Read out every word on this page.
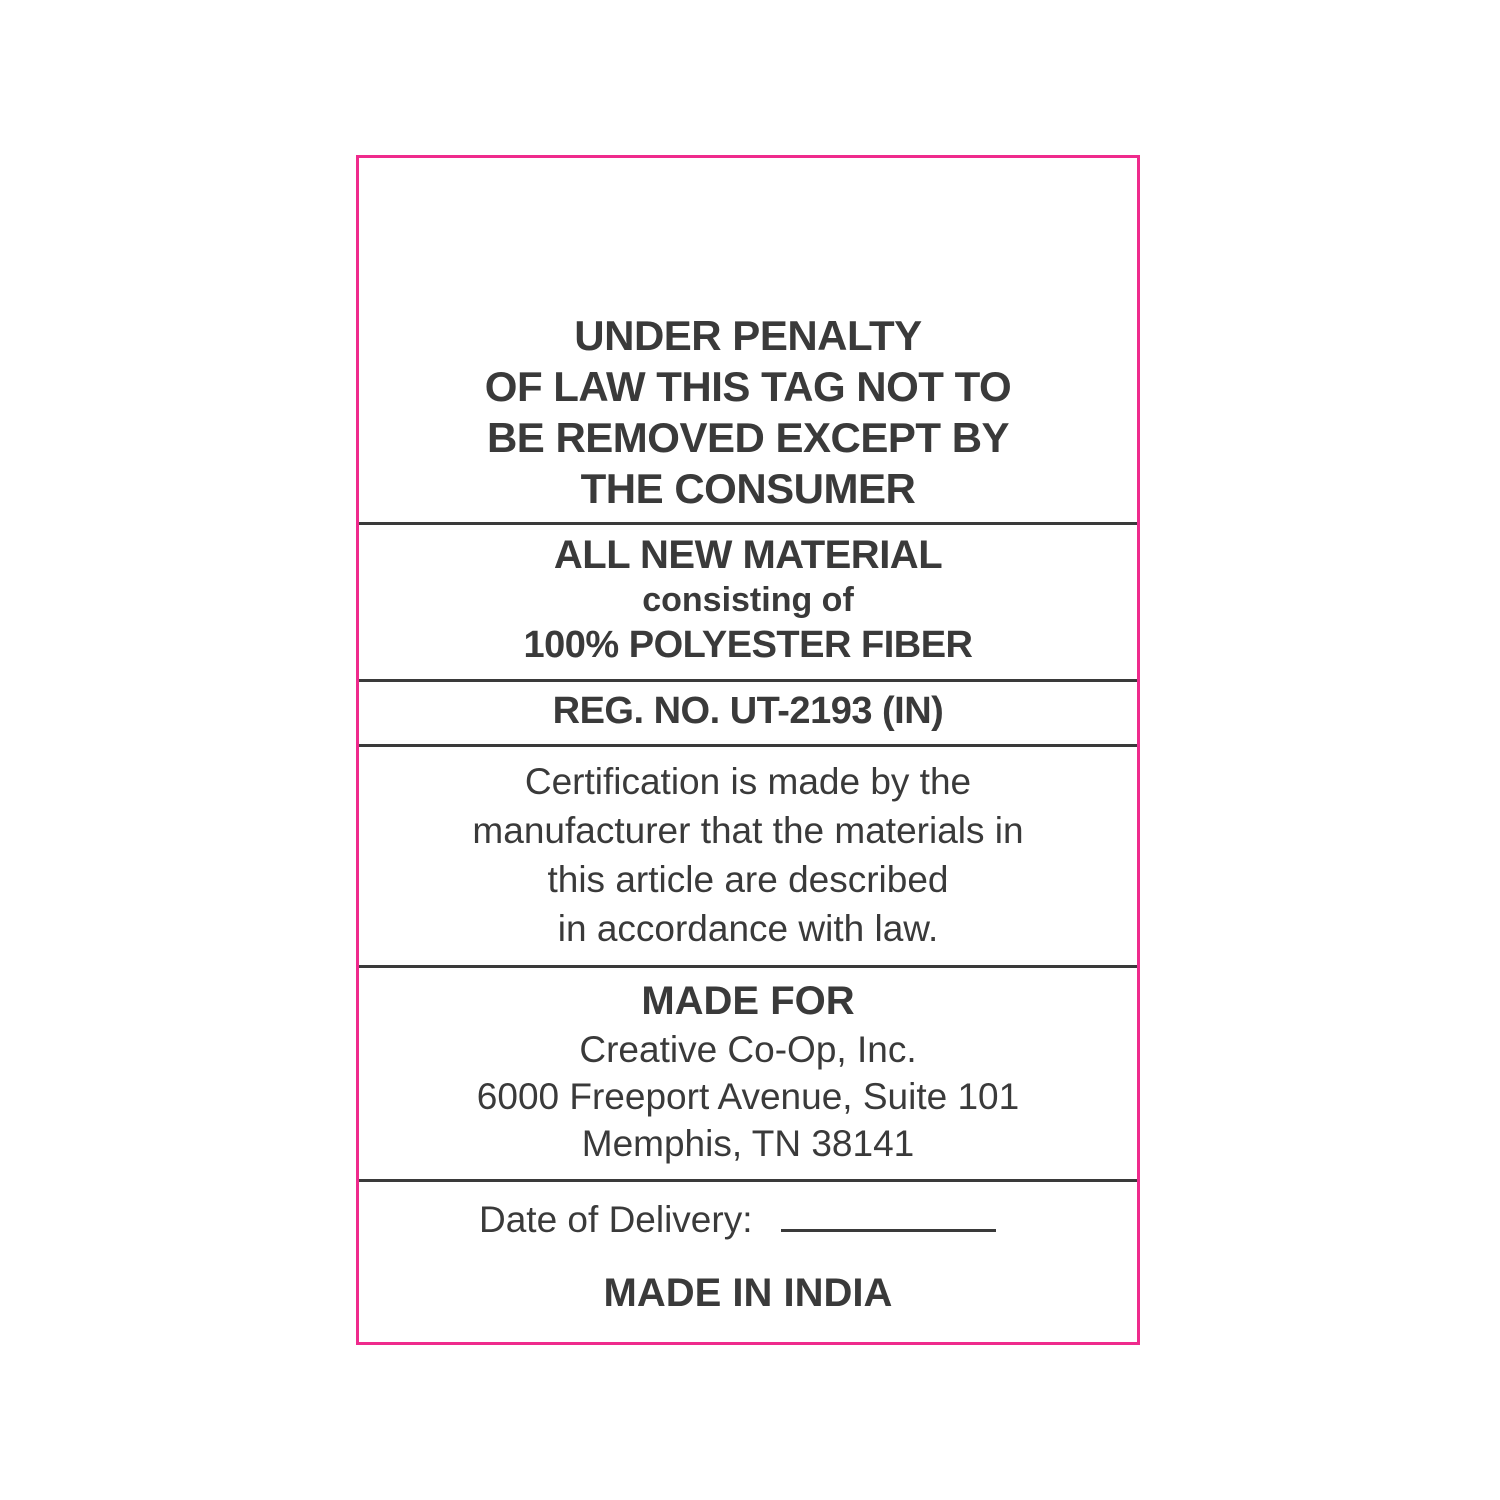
UNDER PENALTY
OF LAW THIS TAG NOT TO
BE REMOVED EXCEPT BY
THE CONSUMER
ALL NEW MATERIAL
consisting of
100% POLYESTER FIBER
REG. NO. UT-2193 (IN)
Certification is made by the
manufacturer that the materials in
this article are described
in accordance with law.
MADE FOR
Creative Co-Op, Inc.
6000 Freeport Avenue, Suite 101
Memphis, TN 38141
Date of Delivery:
MADE IN INDIA
